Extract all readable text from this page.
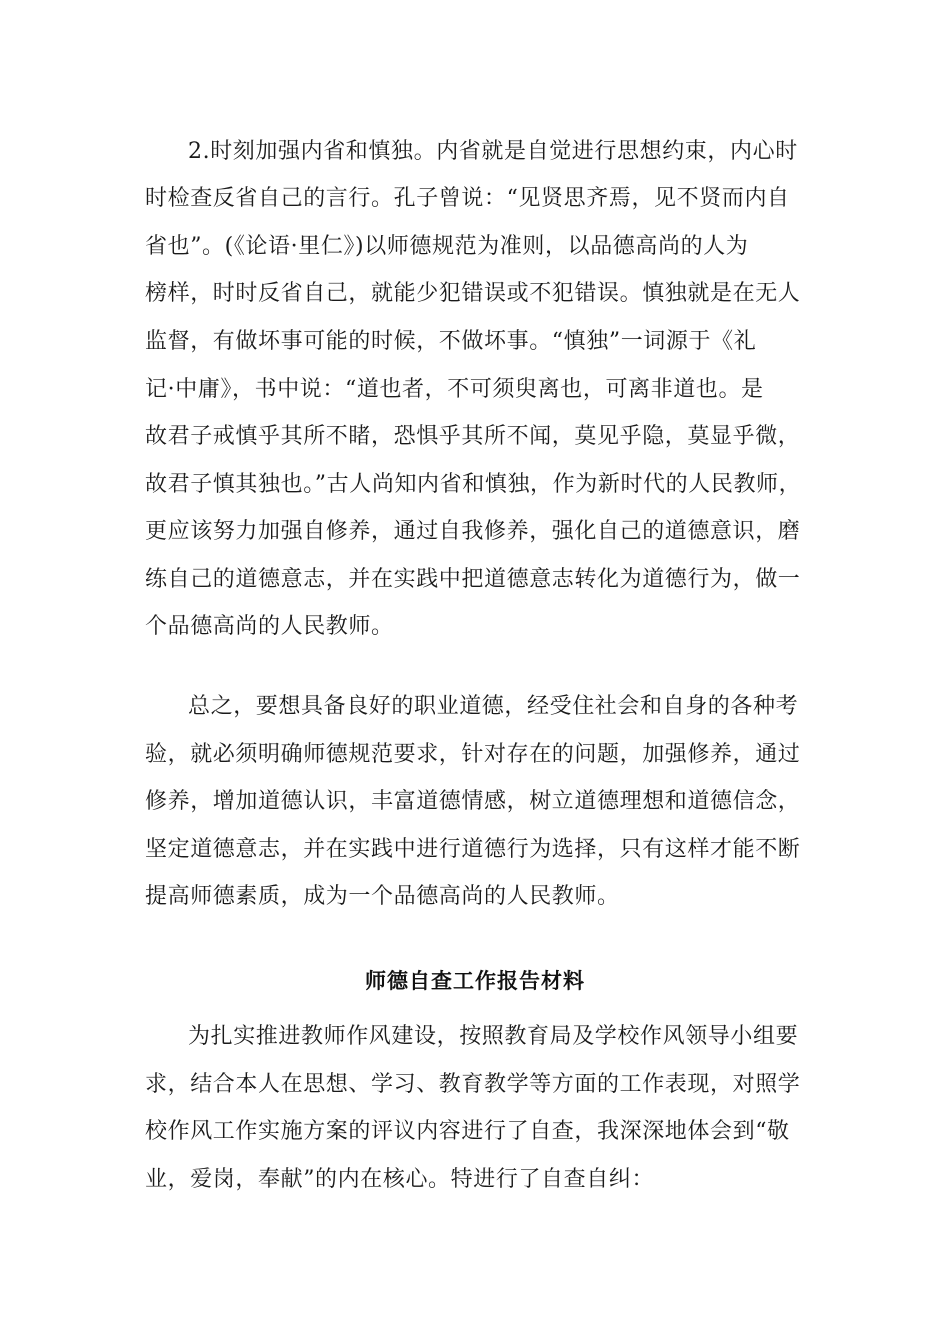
2.时刻加强内省和慎独。内省就是自觉进行思想约束，内心时
时检查反省自己的言行。孔子曾说：“见贤思齐焉，见不贤而内自
省也”。(《论语·里仁》)以师德规范为准则，以品德高尚的人为
榜样，时时反省自己，就能少犯错误或不犯错误。慎独就是在无人
监督，有做坏事可能的时候，不做坏事。“慎独”一词源于《礼
记·中庸》，书中说：“道也者，不可须臾离也，可离非道也。是
故君子戒慎乎其所不睹，恐惧乎其所不闻，莫见乎隐，莫显乎微，
故君子慎其独也。”古人尚知内省和慎独，作为新时代的人民教师，
更应该努力加强自修养，通过自我修养，强化自己的道德意识，磨
练自己的道德意志，并在实践中把道德意志转化为道德行为，做一
个品德高尚的人民教师。
总之，要想具备良好的职业道德，经受住社会和自身的各种考
验，就必须明确师德规范要求，针对存在的问题，加强修养，通过
修养，增加道德认识，丰富道德情感，树立道德理想和道德信念，
坚定道德意志，并在实践中进行道德行为选择，只有这样才能不断
提高师德素质，成为一个品德高尚的人民教师。
师德自查工作报告材料
为扎实推进教师作风建设，按照教育局及学校作风领导小组要
求，结合本人在思想、学习、教育教学等方面的工作表现，对照学
校作风工作实施方案的评议内容进行了自查，我深深地体会到“敬
业，爱岗，奉献”的内在核心。特进行了自查自纠：
